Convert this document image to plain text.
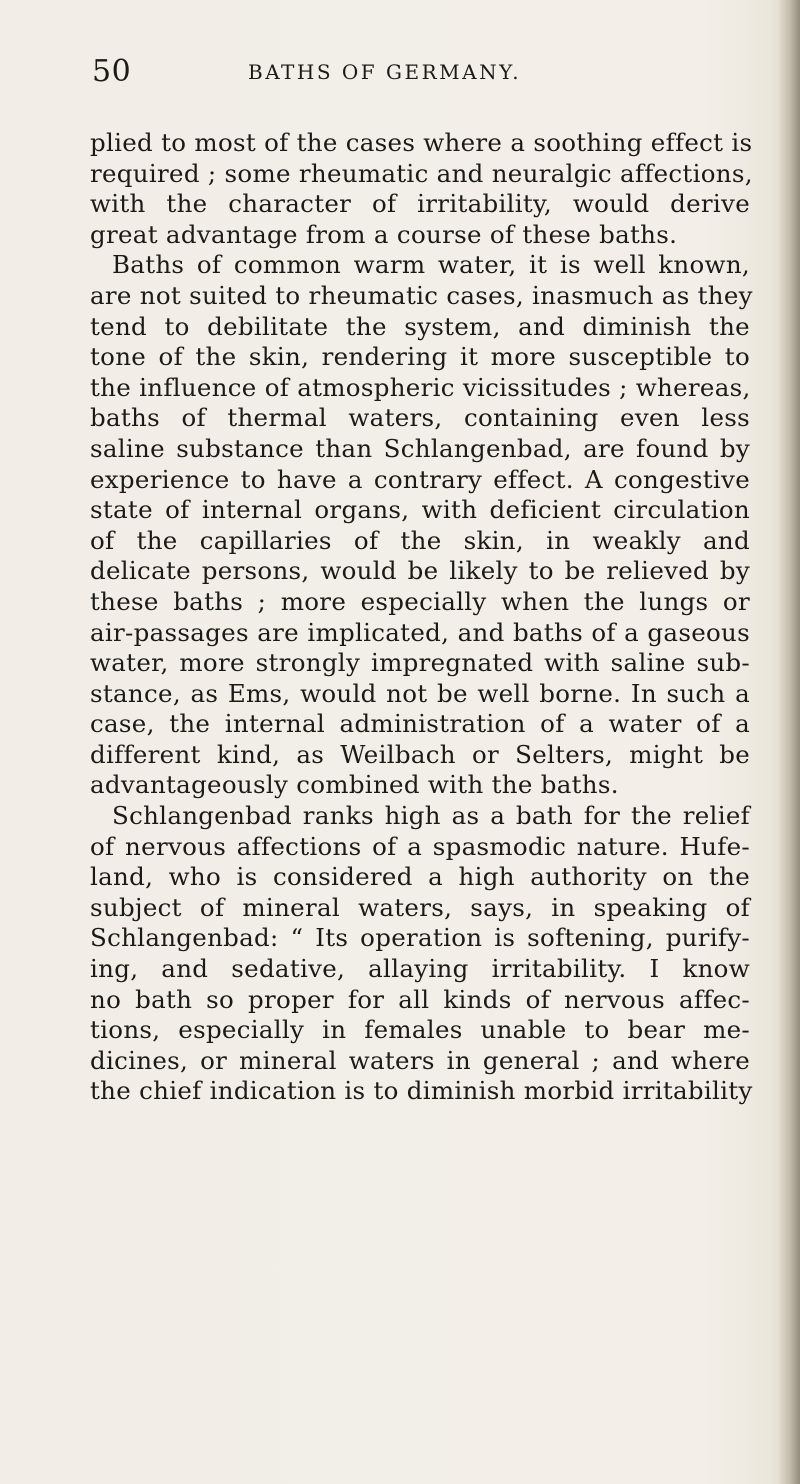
50	BATHS OF GERMANY.
plied to most of the cases where a soothing effect is
required ; some rheumatic and neuralgic affections,
with the character of irritability, would derive
great advantage from a course of these baths.
Baths of common warm water, it is well known,
are not suited to rheumatic cases, inasmuch as they
tend to debilitate the system, and diminish the
tone of the skin, rendering it more susceptible to
the influence of atmospheric vicissitudes ; whereas,
baths of thermal waters, containing even less
saline substance than Schlangenbad, are found by
experience to have a contrary effect. A congestive
state of internal organs, with deficient circulation
of the capillaries of the skin, in weakly and
delicate persons, would be likely to be relieved by
these baths ; more especially when the lungs or
air-passages are implicated, and baths of a gaseous
water, more strongly impregnated with saline sub-
stance, as Ems, would not be well borne. In such a
case, the internal administration of a water of a
different kind, as Weilbach or Selters, might be
advantageously combined with the baths.
Schlangenbad ranks high as a bath for the relief
of nervous affections of a spasmodic nature. Hufe-
land, who is considered a high authority on the
subject of mineral waters, says, in speaking of
Schlangenbad: “ Its operation is softening, purify-
ing, and sedative, allaying irritability. I know
no bath so proper for all kinds of nervous affec-
tions, especially in females unable to bear me-
dicines, or mineral waters in general ; and where
the chief indication is to diminish morbid irritability
